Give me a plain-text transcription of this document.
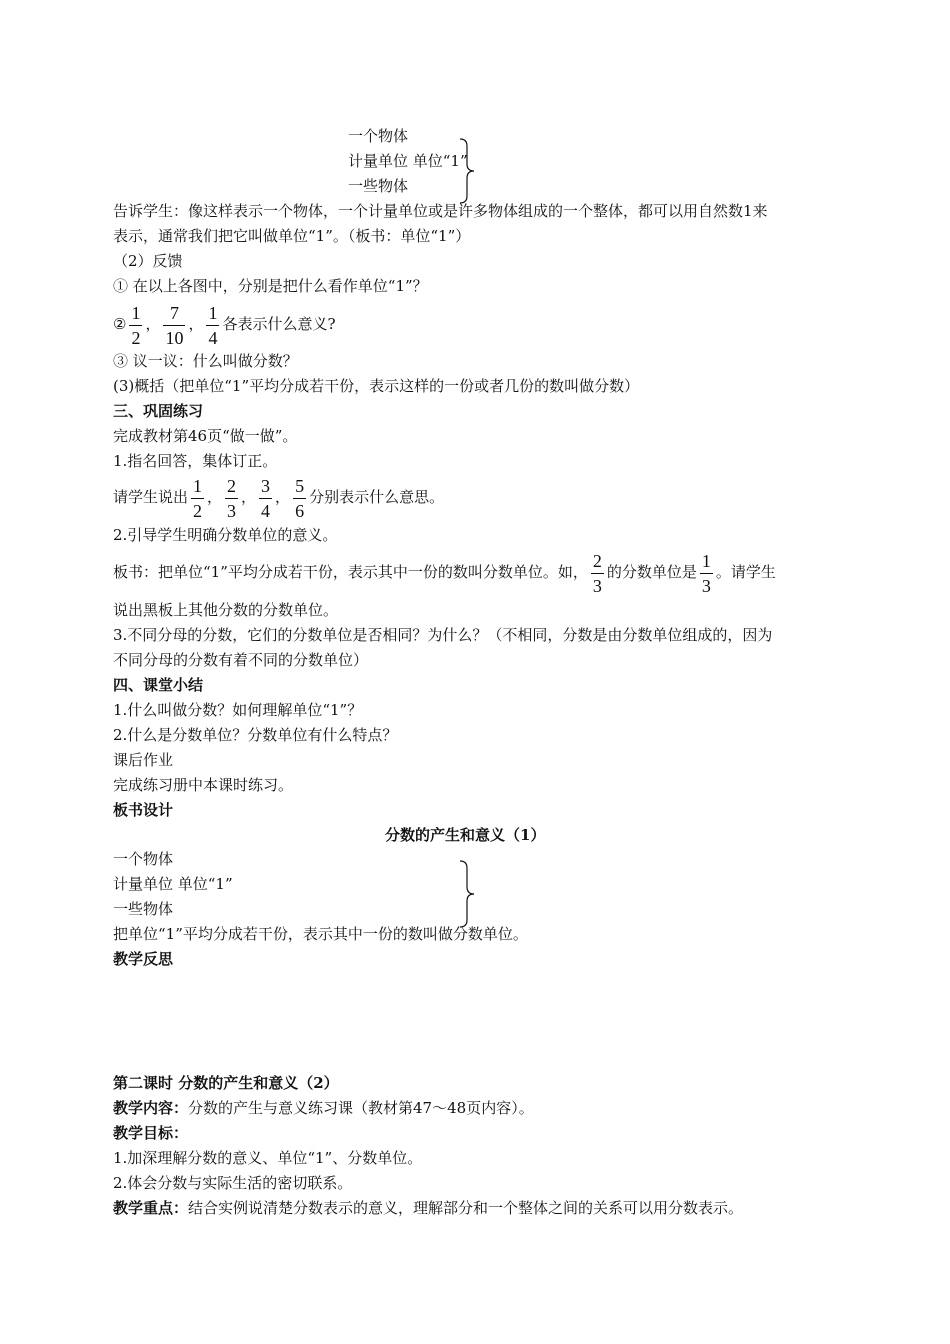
一个物体
计量单位 单位“1”
一些物体
告诉学生：像这样表示一个物体，一个计量单位或是许多物体组成的一个整体，都可以用自然数1来
表示，通常我们把它叫做单位“1”。（板书：单位“1”）
（2）反馈
① 在以上各图中，分别是把什么看作单位“1”？
② $\frac{1}{2}$ ， $\frac{7}{10}$ ， $\frac{1}{4}$ 各表示什么意义?
③ 议一议：什么叫做分数？
(3)概括（把单位“1”平均分成若干份，表示这样的一份或者几份的数叫做分数）
三、巩固练习
完成教材第46页“做一做”。
1.指名回答，集体订正。
请学生说出 $\frac{1}{2}$ ， $\frac{2}{3}$ ， $\frac{3}{4}$ ， $\frac{5}{6}$ 分别表示什么意思。
2.引导学生明确分数单位的意义。
板书：把单位“1”平均分成若干份，表示其中一份的数叫分数单位。如， $\frac{2}{3}$ 的分数单位是 $\frac{1}{3}$ 。请学生
说出黑板上其他分数的分数单位。
3.不同分母的分数，它们的分数单位是否相同？为什么？（不相同，分数是由分数单位组成的，因为
不同分母的分数有着不同的分数单位）
四、课堂小结
1.什么叫做分数？如何理解单位“1”？
2.什么是分数单位？分数单位有什么特点？
课后作业
完成练习册中本课时练习。
板书设计
分数的产生和意义（1）
一个物体
计量单位 单位“1”
一些物体
把单位“1”平均分成若干份，表示其中一份的数叫做分数单位。
教学反思
第二课时 分数的产生和意义（2）
教学内容：分数的产生与意义练习课（教材第47～48页内容）。
教学目标：
1.加深理解分数的意义、单位“1”、分数单位。
2.体会分数与实际生活的密切联系。
教学重点：结合实例说清楚分数表示的意义，理解部分和一个整体之间的关系可以用分数表示。
